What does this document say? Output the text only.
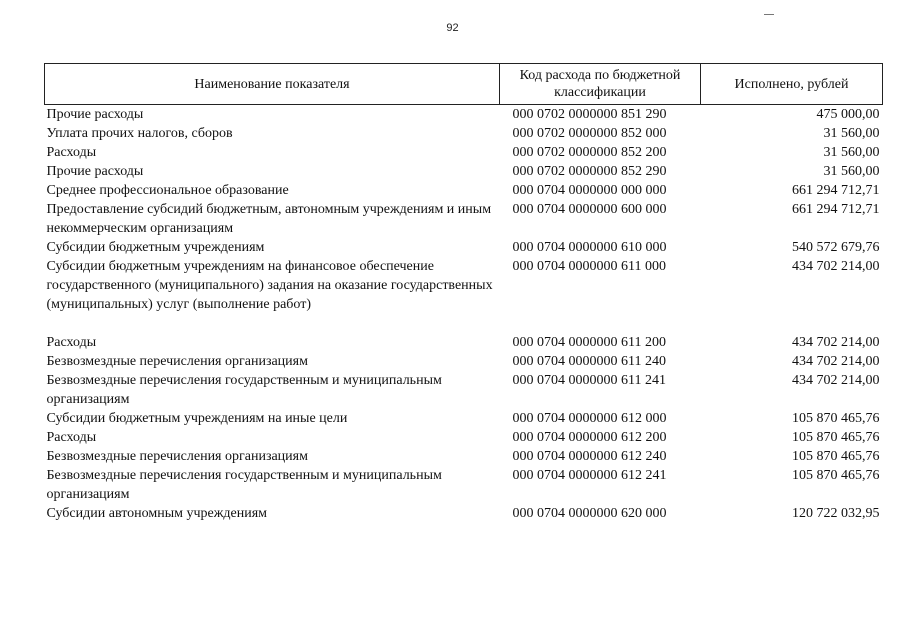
92
Наименование показателя	Код расхода по бюджетной классификации	Исполнено, рублей
Прочие расходы	000 0702 0000000 851 290	475 000,00
Уплата прочих налогов, сборов	000 0702 0000000 852 000	31 560,00
Расходы	000 0702 0000000 852 200	31 560,00
Прочие расходы	000 0702 0000000 852 290	31 560,00
Среднее профессиональное образование	000 0704 0000000 000 000	661 294 712,71
Предоставление субсидий бюджетным, автономным учреждениям и иным некоммерческим организациям	000 0704 0000000 600 000	661 294 712,71
Субсидии бюджетным учреждениям	000 0704 0000000 610 000	540 572 679,76
Субсидии бюджетным учреждениям на финансовое обеспечение государственного (муниципального) задания на оказание государственных (муниципальных) услуг (выполнение работ)	000 0704 0000000 611 000	434 702 214,00

Расходы	000 0704 0000000 611 200	434 702 214,00
Безвозмездные перечисления организациям	000 0704 0000000 611 240	434 702 214,00
Безвозмездные перечисления государственным и муниципальным организациям	000 0704 0000000 611 241	434 702 214,00
Субсидии бюджетным учреждениям на иные цели	000 0704 0000000 612 000	105 870 465,76
Расходы	000 0704 0000000 612 200	105 870 465,76
Безвозмездные перечисления организациям	000 0704 0000000 612 240	105 870 465,76
Безвозмездные перечисления государственным и муниципальным организациям	000 0704 0000000 612 241	105 870 465,76
Субсидии автономным учреждениям	000 0704 0000000 620 000	120 722 032,95
